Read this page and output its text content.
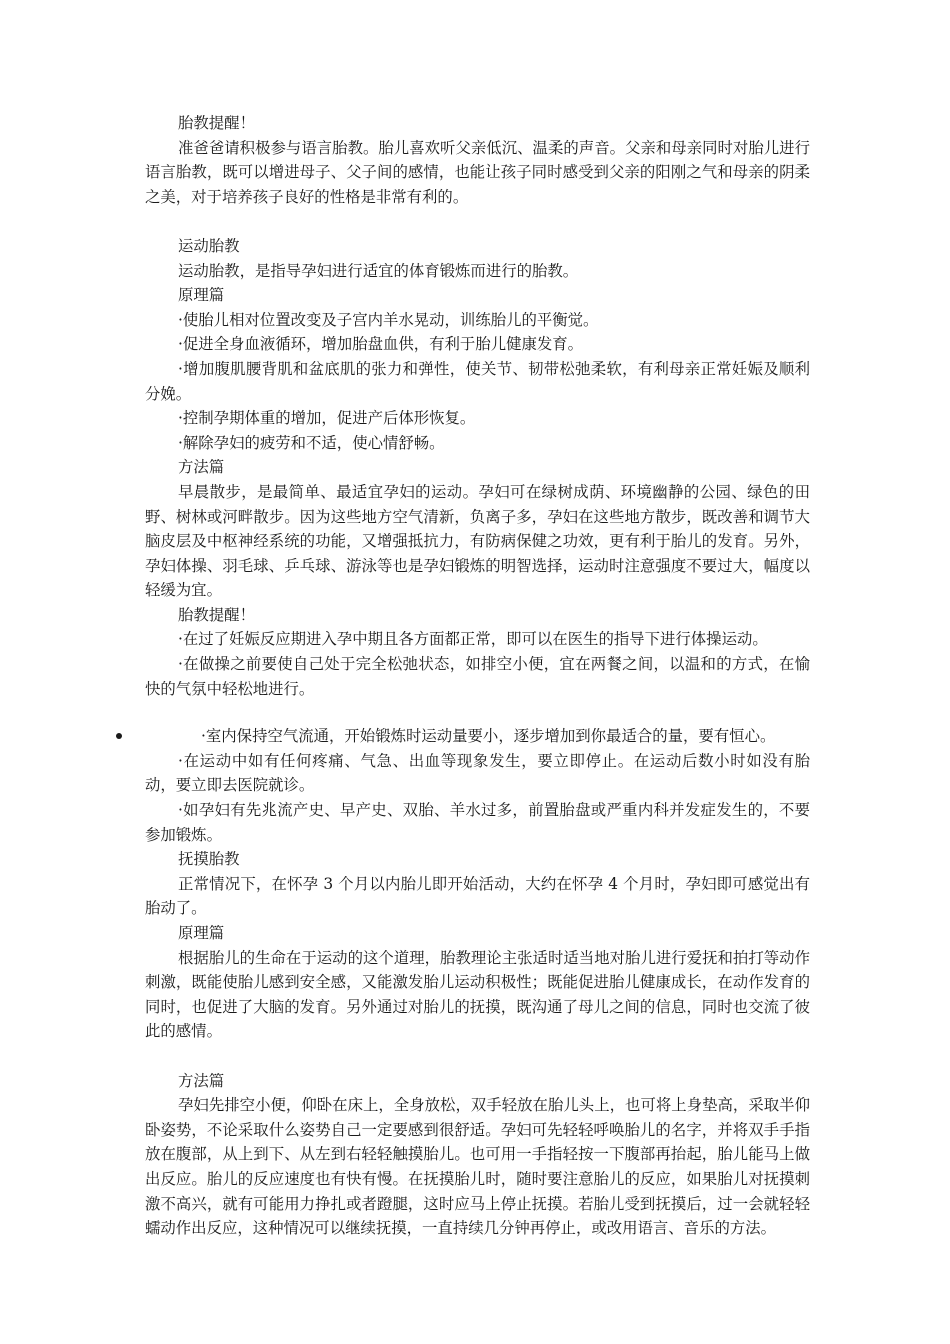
胎教提醒！

准爸爸请积极参与语言胎教。胎儿喜欢听父亲低沉、温柔的声音。父亲和母亲同时对胎儿进行语言胎教，既可以增进母子、父子间的感情，也能让孩子同时感受到父亲的阳刚之气和母亲的阴柔之美，对于培养孩子良好的性格是非常有利的。

运动胎教

运动胎教，是指导孕妇进行适宜的体育锻炼而进行的胎教。

原理篇

·使胎儿相对位置改变及子宫内羊水晃动，训练胎儿的平衡觉。

·促进全身血液循环，增加胎盘血供，有利于胎儿健康发育。

·增加腹肌腰背肌和盆底肌的张力和弹性，使关节、韧带松弛柔软，有利母亲正常妊娠及顺利分娩。

·控制孕期体重的增加，促进产后体形恢复。

·解除孕妇的疲劳和不适，使心情舒畅。

方法篇

早晨散步，是最简单、最适宜孕妇的运动。孕妇可在绿树成荫、环境幽静的公园、绿色的田野、树林或河畔散步。因为这些地方空气清新，负离子多，孕妇在这些地方散步，既改善和调节大脑皮层及中枢神经系统的功能，又增强抵抗力，有防病保健之功效，更有利于胎儿的发育。另外，孕妇体操、羽毛球、乒乓球、游泳等也是孕妇锻炼的明智选择，运动时注意强度不要过大，幅度以轻缓为宜。

胎教提醒！

·在过了妊娠反应期进入孕中期且各方面都正常，即可以在医生的指导下进行体操运动。

·在做操之前要使自己处于完全松弛状态，如排空小便，宜在两餐之间，以温和的方式，在愉快的气氛中轻松地进行。

·室内保持空气流通，开始锻炼时运动量要小，逐步增加到你最适合的量，要有恒心。

·在运动中如有任何疼痛、气急、出血等现象发生，要立即停止。在运动后数小时如没有胎动，要立即去医院就诊。

·如孕妇有先兆流产史、早产史、双胎、羊水过多，前置胎盘或严重内科并发症发生的，不要参加锻炼。

抚摸胎教

正常情况下，在怀孕 3 个月以内胎儿即开始活动，大约在怀孕 4 个月时，孕妇即可感觉出有胎动了。

原理篇

根据胎儿的生命在于运动的这个道理，胎教理论主张适时适当地对胎儿进行爱抚和拍打等动作刺激，既能使胎儿感到安全感，又能激发胎儿运动积极性；既能促进胎儿健康成长，在动作发育的同时，也促进了大脑的发育。另外通过对胎儿的抚摸，既沟通了母儿之间的信息，同时也交流了彼此的感情。

方法篇

孕妇先排空小便，仰卧在床上，全身放松，双手轻放在胎儿头上，也可将上身垫高，采取半仰卧姿势，不论采取什么姿势自己一定要感到很舒适。孕妇可先轻轻呼唤胎儿的名字，并将双手手指放在腹部，从上到下、从左到右轻轻触摸胎儿。也可用一手指轻按一下腹部再抬起，胎儿能马上做出反应。胎儿的反应速度也有快有慢。在抚摸胎儿时，随时要注意胎儿的反应，如果胎儿对抚摸刺激不高兴，就有可能用力挣扎或者蹬腿，这时应马上停止抚摸。若胎儿受到抚摸后，过一会就轻轻蠕动作出反应，这种情况可以继续抚摸，一直持续几分钟再停止，或改用语言、音乐的方法。
